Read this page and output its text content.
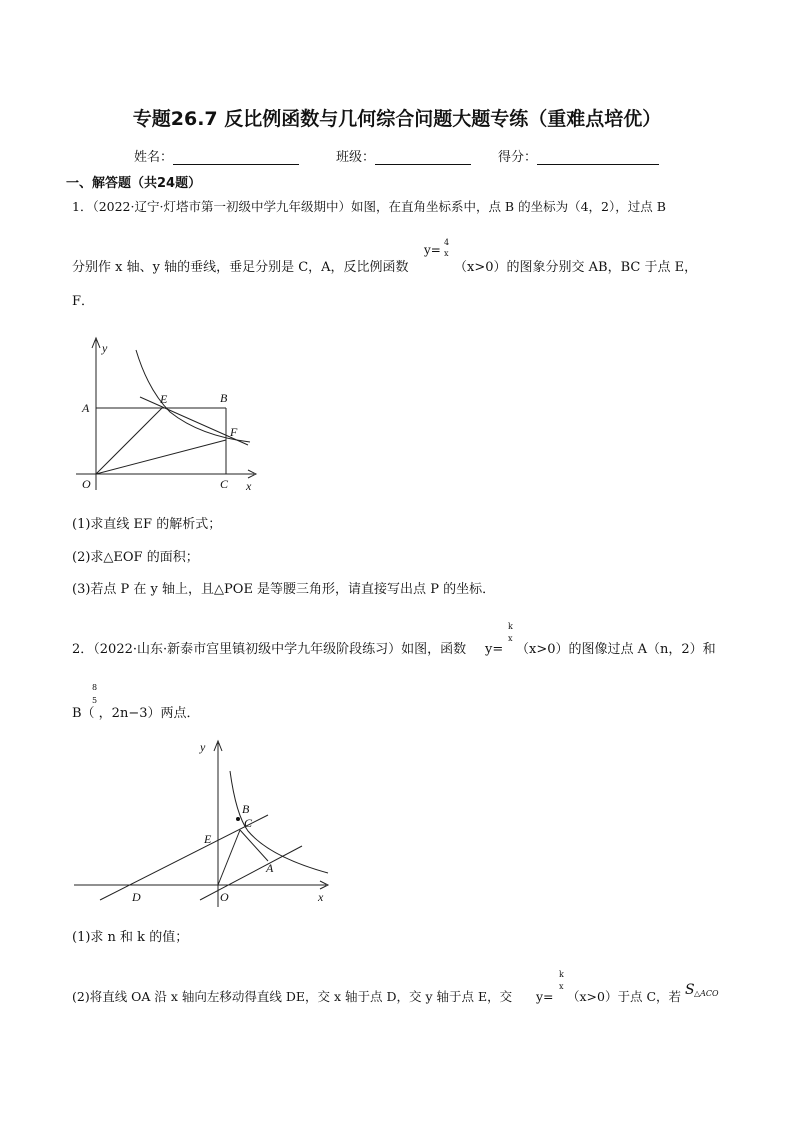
专题26.7 反比例函数与几何综合问题大题专练（重难点培优）
姓名：	班级：	得分：
一、解答题（共24题）
1．（2022·辽宁·灯塔市第一初级中学九年级期中）如图，在直角坐标系中，点 B 的坐标为（4，2），过点 B
分别作 x 轴、y 轴的垂线，垂足分别是 C，A，反比例函数
y=
4
x
（x>0）的图象分别交 AB，BC 于点 E，
F．
y
x
O
A
B
C
E
F
(1)求直线 EF 的解析式；
(2)求△EOF 的面积；
(3)若点 P 在 y 轴上，且△POE 是等腰三角形，请直接写出点 P 的坐标．
2．（2022·山东·新泰市宫里镇初级中学九年级阶段练习）如图，函数 y=
k
x
（x>0）的图像过点 A（n，2）和
8
5
B（ ，2n−3）两点．
y
x
O
D
E
B
C
A
(1)求 n 和 k 的值；
(2)将直线 OA 沿 x 轴向左移动得直线 DE，交 x 轴于点 D，交 y 轴于点 E，交 y=
k
x
（x>0）于点 C，若 S △ACO
